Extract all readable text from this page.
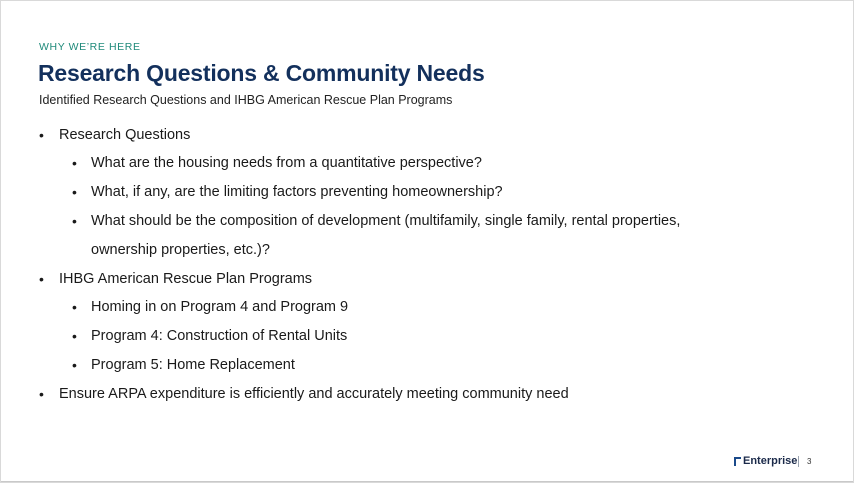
WHY WE’RE HERE
Research Questions & Community Needs
Identified Research Questions and IHBG American Rescue Plan Programs
• Research Questions
• What are the housing needs from a quantitative perspective?
• What, if any, are the limiting factors preventing homeownership?
• What should be the composition of development (multifamily, single family, rental properties,
ownership properties, etc.)?
• IHBG American Rescue Plan Programs
• Homing in on Program 4 and Program 9
• Program 4: Construction of Rental Units
• Program 5: Home Replacement
• Ensure ARPA expenditure is efficiently and accurately meeting community need
Enterprise 3
